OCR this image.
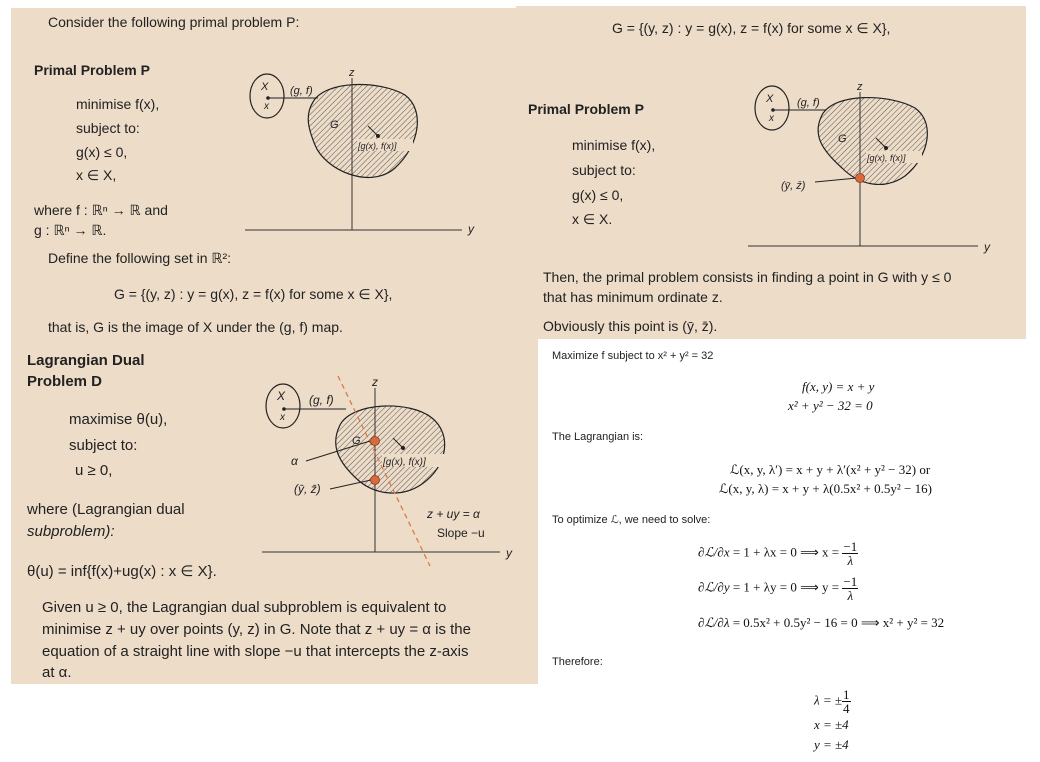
Consider the following primal problem P:
Primal Problem P
minimise f(x),
subject to:
g(x) ≤ 0,
x ∈ X,
where f : ℝⁿ → ℝ and
g : ℝⁿ → ℝ.
Define the following set in ℝ²:
G = {(y, z) : y = g(x), z = f(x) for some x ∈ X},
that is, G is the image of X under the (g, f) map.
z
y
X
x
(g, f)
G
[g(x), f(x)]
G = {(y, z) : y = g(x), z = f(x) for some x ∈ X},
Primal Problem P
minimise f(x),
subject to:
g(x) ≤ 0,
x ∈ X.
Then, the primal problem consists in finding a point in G with y ≤ 0
that has minimum ordinate z.
Obviously this point is (ȳ, z̄).
z
y
X
x
(g, f)
G
[g(x), f(x)]
(ȳ, z̄)
Lagrangian Dual
Problem D
maximise θ(u),
subject to:
u ≥ 0,
where (Lagrangian dual
subproblem):
θ(u) = inf{f(x)+ug(x) : x ∈ X}.
Given u ≥ 0, the Lagrangian dual subproblem is equivalent to
minimise z + uy over points (y, z) in G. Note that z + uy = α is the
equation of a straight line with slope −u that intercepts the z-axis
at α.
z
y
X
x
(g, f)
G
[g(x), f(x)]
α
(ȳ, z̄)
z + uy = α
Slope −u
Maximize f subject to x² + y² = 32
f(x, y) = x + y
x² + y² − 32 = 0
The Lagrangian is:
ℒ(x, y, λ′) = x + y + λ′(x² + y² − 32) or
ℒ(x, y, λ) = x + y + λ(0.5x² + 0.5y² − 16)
To optimize ℒ, we need to solve:
∂ℒ/∂x = 1 + λx = 0 ⟹ $x = \frac{-1}{\lambda}$
∂ℒ/∂y = 1 + λy = 0 ⟹ $y = \frac{-1}{\lambda}$
∂ℒ/∂λ = 0.5x² + 0.5y² − 16 = 0 ⟹ x² + y² = 32
Therefore:
λ = ± $\frac{1}{4}$
x = ±4
y = ±4
